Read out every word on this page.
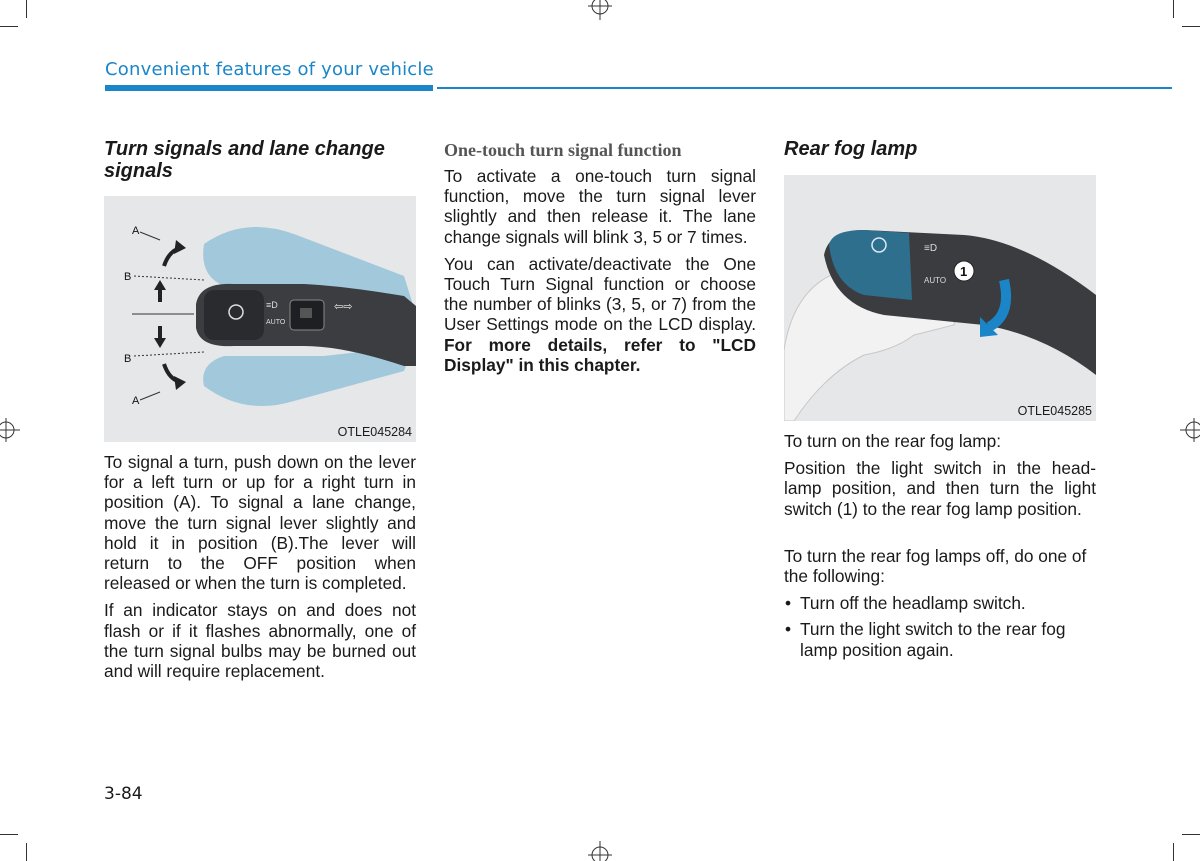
Convenient features of your vehicle
Turn signals and lane change signals
≡D
AUTO
⇦⇨
A
B
B
A
OTLE045284

To signal a turn, push down on the lever for a left turn or up for a right turn in position (A). To signal a lane change, move the turn signal lever slightly and hold it in position (B).The lever will return to the OFF position when released or when the turn is completed.

If an indicator stays on and does not flash or if it flashes abnormally, one of the turn signal bulbs may be burned out and will require replacement.

One-touch turn signal function

To activate a one-touch turn signal function, move the turn signal lever slightly and then release it. The lane change signals will blink 3, 5 or 7 times.

You can activate/deactivate the One Touch Turn Signal function or choose the number of blinks (3, 5, or 7) from the User Settings mode on the LCD display. For more details, refer to "LCD Display" in this chapter.

Rear fog lamp
≡D
AUTO
1
OTLE045285

To turn on the rear fog lamp:

Position the light switch in the head-lamp position, and then turn the light switch (1) to the rear fog lamp position.

To turn the rear fog lamps off, do one of the following:

• Turn off the headlamp switch.
• Turn the light switch to the rear fog lamp position again.
3-84
